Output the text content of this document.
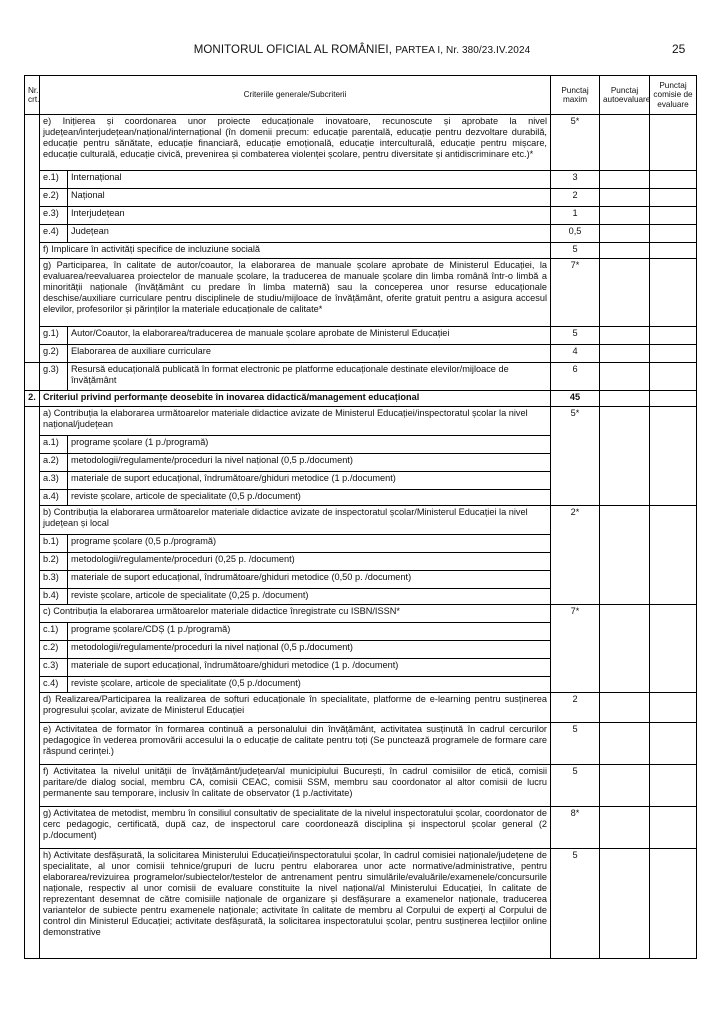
MONITORUL OFICIAL AL ROMÂNIEI, PARTEA I, Nr. 380/23.IV.2024	25
Nr. crt.	Criteriile generale/Subcriterii		Punctaj maxim	Punctaj autoevaluare	Punctaj comisie de evaluare
	e) Inițierea și coordonarea unor proiecte educaționale inovatoare, recunoscute și aprobate la nivel județean/interjudețean/național/internațional (în domenii precum: educație parentală, educație pentru dezvoltare durabilă, educație pentru sănătate, educație financiară, educație emoțională, educație interculturală, educație pentru mișcare, educație culturală, educație civică, prevenirea și combaterea violenței școlare, pentru diversitate și antidiscriminare etc.)*		5*		
	e.1)	Internațional	3		
	e.2)	Național	2		
	e.3)	Interjudețean	1		
	e.4)	Județean	0,5		
	f) Implicare în activități specifice de incluziune socială		5		
	g) Participarea, în calitate de autor/coautor, la elaborarea de manuale școlare aprobate de Ministerul Educației, la evaluarea/reevaluarea proiectelor de manuale școlare, la traducerea de manuale școlare din limba română într-o limbă a minorității naționale (învățământ cu predare în limba maternă) sau la conceperea unor resurse educaționale deschise/auxiliare curriculare pentru disciplinele de studiu/mijloace de învățământ, oferite gratuit pentru a asigura accesul elevilor, profesorilor și părinților la materiale educaționale de calitate*		7*		
	g.1)	Autor/Coautor, la elaborarea/traducerea de manuale școlare aprobate de Ministerul Educației	5		
	g.2)	Elaborarea de auxiliare curriculare	4		
	g.3)	Resursă educațională publicată în format electronic pe platforme educaționale destinate elevilor/mijloace de învățământ	6		
2.	Criteriul privind performanțe deosebite în inovarea didactică/management educațional		45		
	a) Contribuția la elaborarea următoarelor materiale didactice avizate de Ministerul Educației/inspectoratul școlar la nivel național/județean		5*		
	a.1)	programe școlare (1 p./programă)			
	a.2)	metodologii/regulamente/proceduri la nivel național (0,5 p./document)			
	a.3)	materiale de suport educațional, îndrumătoare/ghiduri metodice (1 p./document)			
	a.4)	reviste școlare, articole de specialitate (0,5 p./document)			
	b) Contribuția la elaborarea următoarelor materiale didactice avizate de inspectoratul școlar/Ministerul Educației la nivel județean și local		2*		
	b.1)	programe școlare (0,5 p./programă)			
	b.2)	metodologii/regulamente/proceduri (0,25 p. /document)			
	b.3)	materiale de suport educațional, îndrumătoare/ghiduri metodice (0,50 p. /document)			
	b.4)	reviste școlare, articole de specialitate (0,25 p. /document)			
	c) Contribuția la elaborarea următoarelor materiale didactice înregistrate cu ISBN/ISSN*		7*		
	c.1)	programe școlare/CDȘ (1 p./programă)			
	c.2)	metodologii/regulamente/proceduri la nivel național (0,5 p./document)			
	c.3)	materiale de suport educațional, îndrumătoare/ghiduri metodice (1 p. /document)			
	c.4)	reviste școlare, articole de specialitate (0,5 p./document)			
	d) Realizarea/Participarea la realizarea de softuri educaționale în specialitate, platforme de e-learning pentru susținerea progresului școlar, avizate de Ministerul Educației		2		
	e) Activitatea de formator în formarea continuă a personalului din învățământ, activitatea susținută în cadrul cercurilor pedagogice în vederea promovării accesului la o educație de calitate pentru toți (Se punctează programele de formare care răspund cerinței.)		5		
	f) Activitatea la nivelul unității de învățământ/județean/al municipiului București, în cadrul comisiilor de etică, comisii paritare/de dialog social, membru CA, comisii CEAC, comisii SSM, membru sau coordonator al altor comisii de lucru permanente sau temporare, inclusiv în calitate de observator (1 p./activitate)		5		
	g) Activitatea de metodist, membru în consiliul consultativ de specialitate de la nivelul inspectoratului școlar, coordonator de cerc pedagogic, certificată, după caz, de inspectorul care coordonează disciplina și inspectorul școlar general (2 p./document)		8*		
	h) Activitate desfășurată, la solicitarea Ministerului Educației/inspectoratului școlar, în cadrul comisiei naționale/județene de specialitate, al unor comisii tehnice/grupuri de lucru pentru elaborarea unor acte normative/administrative, pentru elaborarea/revizuirea programelor/subiectelor/testelor de antrenament pentru simulările/evaluările/examenele/concursurile naționale, respectiv al unor comisii de evaluare constituite la nivel național/al Ministerului Educației, în calitate de reprezentant desemnat de către comisiile naționale de organizare și desfășurare a examenelor naționale, traducerea variantelor de subiecte pentru examenele naționale; activitate în calitate de membru al Corpului de experți al Corpului de control din Ministerul Educației; activitate desfășurată, la solicitarea inspectoratului școlar, pentru susținerea lecțiilor online demonstrative		5		
